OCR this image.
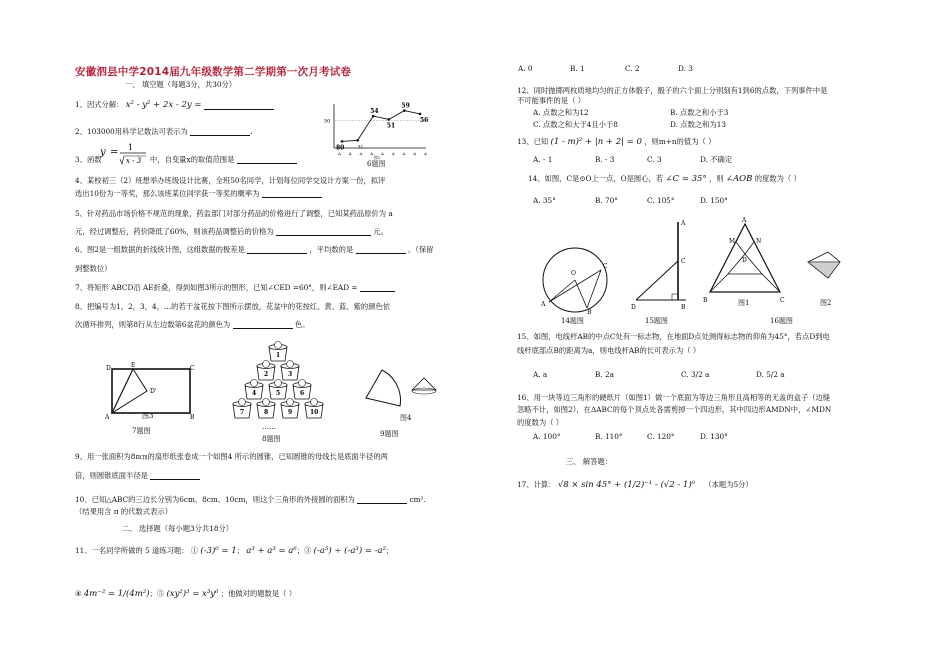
安徽泗县中学2014届九年级数学第二学期第一次月考试卷
一、 填空题（每题3分，共30分）
1、因式分解： x² - y² + 2x - 2y =
2、103000用科学记数法可表示为	.
3、函数
y = 1
x - 3 中，自变量x的取值范围是
4、某校初三（2）班想举办班级设计比赛，全班50名同学，计划每位同学交设计方案一份，拟评
选出10份为一等奖，那么该班某位同学获一等奖的概率为
5、针对药品市场价格不规范的现象，药监部门对部分药品的价格进行了调整，已知某药品原价为 a
元，经过调整后，药价降低了60%，则该药品调整后的价格为	元。
6、图2是一组数据的折线统计图，这组数据的极差是	，平均数的是	。（保留
到整数位）
7、将矩形 ABCD沿 AE折叠，得到如图3所示的图形，已知∠CED =60°，则∠EAD =
8、把编号为1，2，3，4，…的若干盆花按下图所示摆放，花盆中的花按红、黄、蓝、紫的颜色依
次循环排列，则第8行从左边数第6盆花的颜色为	色。
D	E	C
D'
A	B
图3
7题图
1
2	3
4	5	6
7	8	9	10
……
8题图
图4
9题图
9、用一张面积为8π㎝的扇形纸张卷成一个如图4 所示的圆锥，已知圆锥的母线长是底面半径的两
倍，则圆锥底面半径是
10、已知△ABC的三边长分别为6cm、8cm、10cm，则这个三角形的外接圆的面积为	cm².
（结果用含 π 的代数式表示）
二、 选择题（每小题3分共18分）
11、一名同学所做的 5 道练习题： ① (-3)⁰ = 1； a³ + a³ = a⁶；③ (-a⁵) ÷ (-a³) = -a²；
④ 4m⁻² = 1/(4m²)；⑤ (xy²)³ = x³y⁶ ；他做对的题数是（ ）
50
80	31
54
51
59
56
A A A A A A A A A
图2
6题图
A. 0	B. 1	C. 2	D. 3
12、同时抛掷两枚质地均匀的正方体骰子，骰子的六个面上分别刻有1到6的点数，下列事件中是
不可能事件的是（ ）
A. 点数之和为12	B. 点数之和小于3
C. 点数之和大于4且小于8	D. 点数之和为13
13、已知 (1 - m)² + |n + 2| = 0 ，则m+n的值为（ ）
A. - 1	B. - 3	C. 3	D. 不确定
14、如图，C是⊙O上一点，O是圆心，若 ∠C = 35° ，则 ∠AOB 的度数为（ ）
A. 35°	B. 70°	C. 105°	D. 150°
O
C
A
B
14题图
A
C
D	B
15题图
A
M
D
N
B	C
图1	图2
16题图
15、如图，电线杆AB的中点C处有一标志物，在地面D点处测得标志物的仰角为45°，若点D到电
线杆底部点B的距离为a，则电线杆AB的长可表示为（ ）
A. a	B. 2a	C. 3/2 a	D. 5/2 a
16、用一块等边三角形的硬纸片（如图1）做一个底面为等边三角形且高相等的无盖的盒子（边缝
忽略不计，如图2），在ΔABC的每个顶点处各需剪掉一个四边形，其中四边形AMDN中，∠MDN
的度数为（ ）
A. 100°	B. 110°	C. 120°	D. 130°
三、 解答题：
17、计算： √8 × sin 45° + (1/2)⁻¹ - (√2 - 1)⁰ （本题为5分）
